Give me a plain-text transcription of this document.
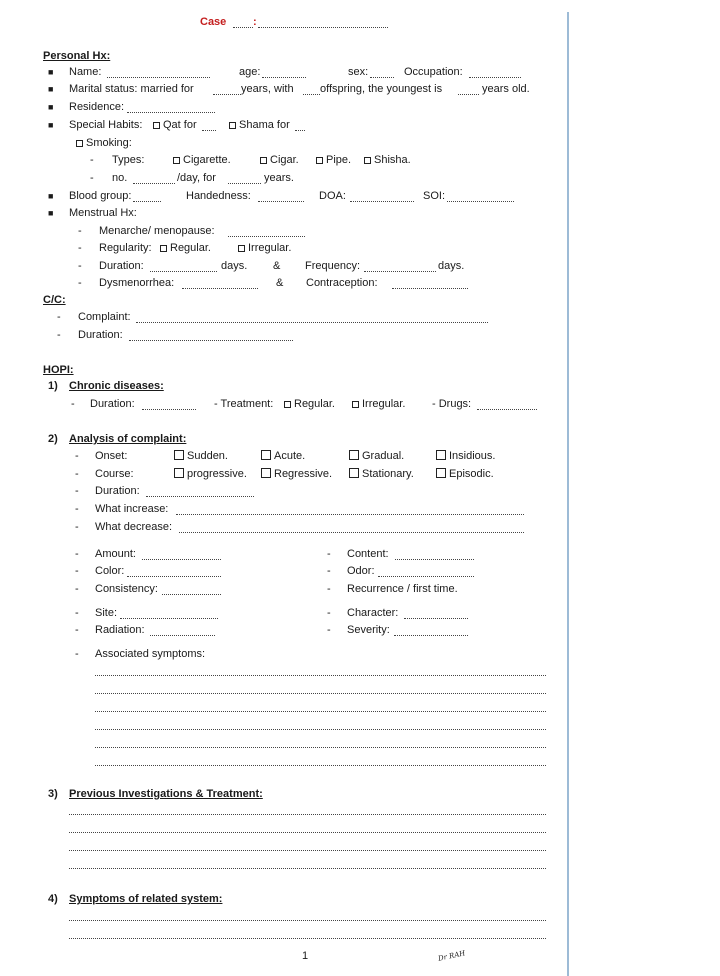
Case :
Personal Hx:
■ Name:	age:	sex:	Occupation:
■ Marital status: married for	years, with offspring, the youngest is	years old.
■ Residence:
■ Special Habits:	Qat for	Shama for
Smoking:
- Types:	Cigarette.	Cigar.	Pipe.	Shisha.
- no.	/day, for	years.
■ Blood group:	Handedness:	DOA:	SOI:
■ Menstrual Hx:
- Menarche/ menopause:
- Regularity:	Regular.	Irregular.
- Duration:	days. & Frequency:	days.
- Dysmenorrhea:	& Contraception:
C/C:
- Complaint:
- Duration:
HOPI:
1) Chronic diseases:
- Duration:	- Treatment:	Regular.	Irregular. - Drugs:
2) Analysis of complaint:
- Onset:	Sudden.	Acute.	Gradual.	Insidious.
- Course:	progressive.	Regressive.	Stationary.	Episodic.
- Duration:
- What increase:
- What decrease:
- Amount:	- Content:
- Color:	- Odor:
- Consistency:	- Recurrence / first time.
- Site:	- Character:
- Radiation:	- Severity:
- Associated symptoms:
3) Previous Investigations & Treatment:
4) Symptoms of related system:
1	Dr RAH
